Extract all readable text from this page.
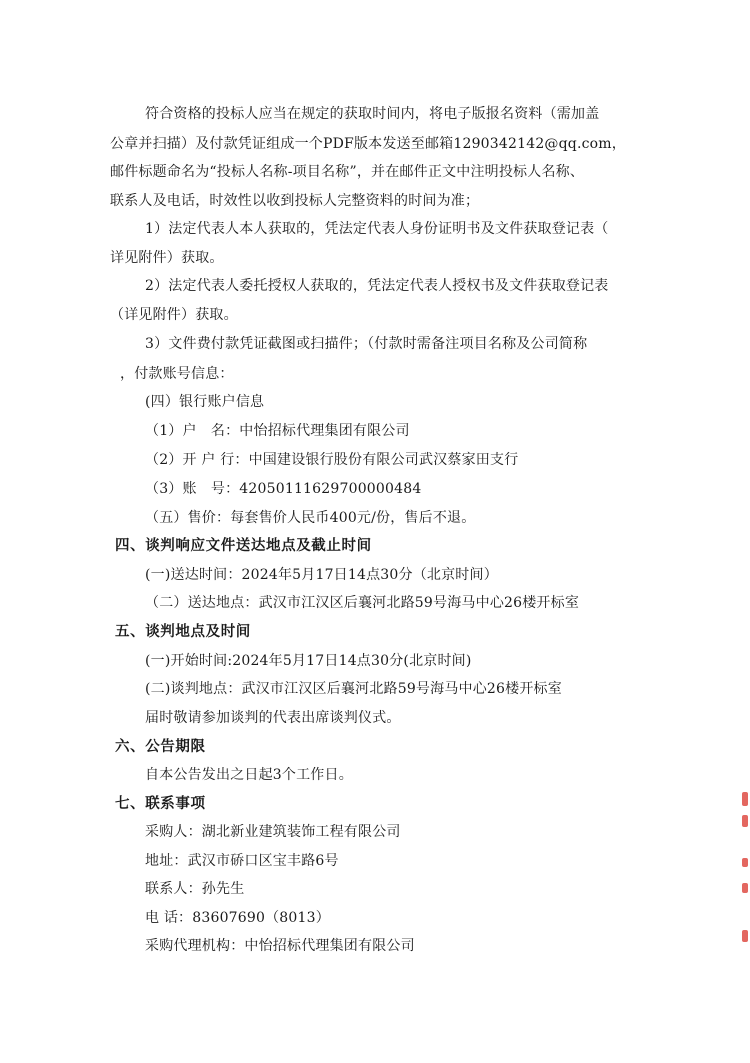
符合资格的投标人应当在规定的获取时间内，将电子版报名资料（需加盖
公章并扫描）及付款凭证组成一个PDF版本发送至邮箱1290342142@qq.com，
邮件标题命名为“投标人名称-项目名称”，并在邮件正文中注明投标人名称、
联系人及电话，时效性以收到投标人完整资料的时间为准；
1）法定代表人本人获取的，凭法定代表人身份证明书及文件获取登记表（
详见附件）获取。
2）法定代表人委托授权人获取的，凭法定代表人授权书及文件获取登记表
（详见附件）获取。
3）文件费付款凭证截图或扫描件；（付款时需备注项目名称及公司简称
，付款账号信息：
(四）银行账户信息
（1）户　名：中怡招标代理集团有限公司
（2）开 户 行：中国建设银行股份有限公司武汉蔡家田支行
（3）账　号：42050111629700000484
（五）售价：每套售价人民币400元/份，售后不退。
四、谈判响应文件送达地点及截止时间
(一)送达时间：2024年5月17日14点30分（北京时间）
（二）送达地点：武汉市江汉区后襄河北路59号海马中心26楼开标室
五、谈判地点及时间
(一)开始时间:2024年5月17日14点30分(北京时间)
(二)谈判地点：武汉市江汉区后襄河北路59号海马中心26楼开标室
届时敬请参加谈判的代表出席谈判仪式。
六、公告期限
自本公告发出之日起3个工作日。
七、联系事项
采购人：湖北新业建筑装饰工程有限公司
地址：武汉市硚口区宝丰路6号
联系人：孙先生
电 话：83607690（8013）
采购代理机构：中怡招标代理集团有限公司
